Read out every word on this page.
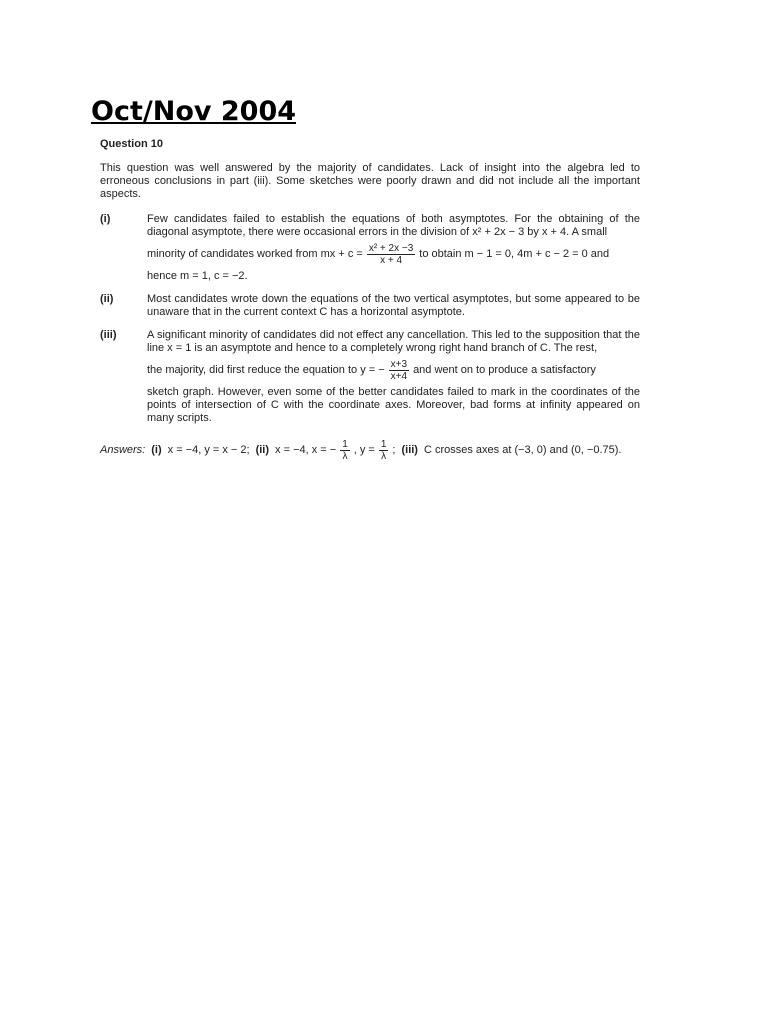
Oct/Nov 2004
Question 10
This question was well answered by the majority of candidates. Lack of insight into the algebra led to erroneous conclusions in part (iii). Some sketches were poorly drawn and did not include all the important aspects.
(i)	Few candidates failed to establish the equations of both asymptotes. For the obtaining of the diagonal asymptote, there were occasional errors in the division of x² + 2x − 3 by x + 4. A small
minority of candidates worked from mx + $c = \frac{\text{x² + 2x −3}}{x + 4}$ to obtain m − 1 = 0, 4m + c − 2 = 0 and
hence m = 1, c = −2.
(ii)	Most candidates wrote down the equations of the two vertical asymptotes, but some appeared to be unaware that in the current context C has a horizontal asymptote.
(iii)	A significant minority of candidates did not effect any cancellation. This led to the supposition that the line x = 1 is an asymptote and hence to a completely wrong right hand branch of C. The rest,
the majority, did first reduce the equation to y = − $\frac{x+3}{x+4}$ and went on to produce a satisfactory
sketch graph. However, even some of the better candidates failed to mark in the coordinates of the points of intersection of C with the coordinate axes. Moreover, bad forms at infinity appeared on many scripts.
Answers: (i) x = −4, y = x − 2; (ii) x = −4, x = − $\frac{1}{\lambda}$ , $y = \frac{1}{\lambda}$ ; (iii) C crosses axes at (−3, 0) and (0, −0.75).
